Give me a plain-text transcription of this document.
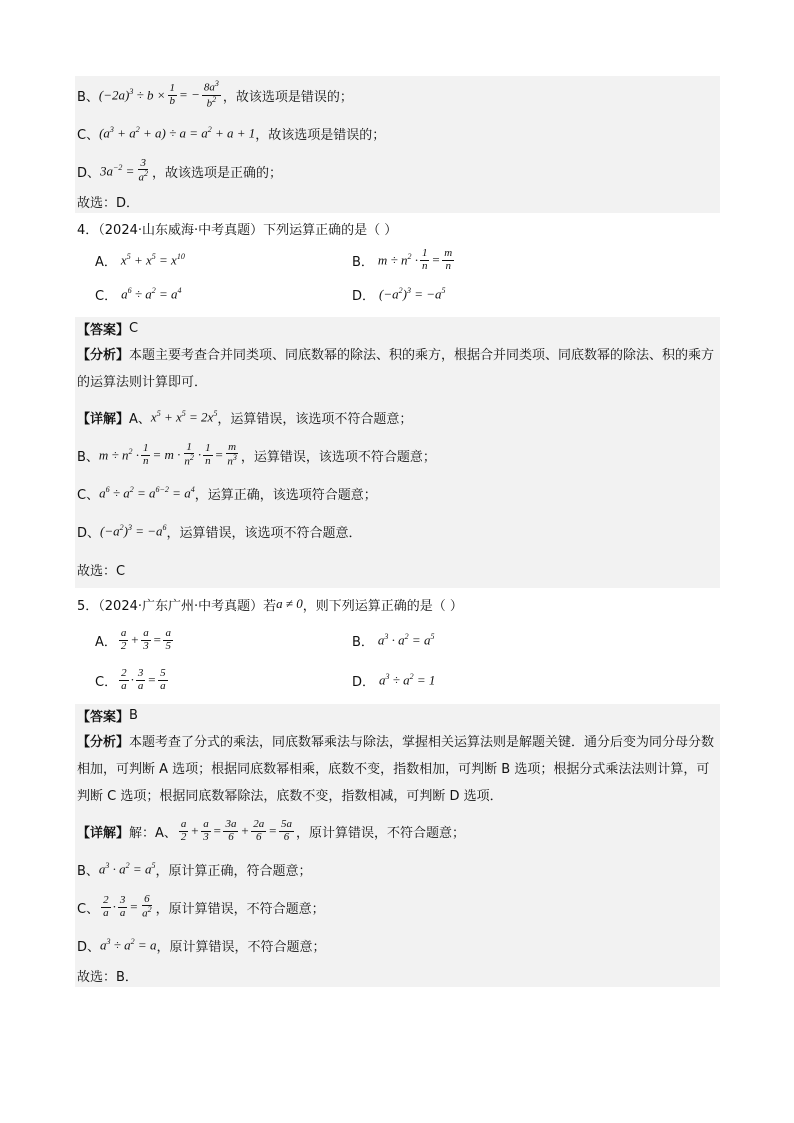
B、 $(-2a)^3 \div b \times \frac{1}{b}$ = − $\frac{8a^3}{b^2}$ ，故该选项是错误的；
C、 $(a^3 + a^2 + a) \div a = a^2 + a + 1$ ，故该选项是错误的；
D、 $3a^{-2} = \frac{3}{a^2}$ ，故该选项是正确的；
故选：D．
4．（2024·山东威海·中考真题）下列运算正确的是（ ）
A． $x^5 + x^5 = x^{10}$	B． $m \div n^2 \cdot \frac{1}{n} = \frac{m}{n}$
C． $a^6 \div a^2 = a^4$	D． $(-a^2)^3 = -a^5$
【答案】 C
【分析】本题主要考查合并同类项、同底数幂的除法、积的乘方，根据合并同类项、同底数幂的除法、积的乘方的运算法则计算即可．
【详解】 A、 $x^5 + x^5 = 2x^5$ ，运算错误，该选项不符合题意；
B、 $m \div n^2 \cdot \frac{1}{n} = m \cdot \frac{1}{n^2} \cdot \frac{1}{n} = \frac{m}{n^3}$ ，运算错误，该选项不符合题意；
C、 $a^6 \div a^2 = a^{6-2} = a^4$ ，运算正确，该选项符合题意；
D、 $(-a^2)^3 = -a^6$ ，运算错误，该选项不符合题意．
故选：C
5．（2024·广东广州·中考真题）若 a ≠ 0 ，则下列运算正确的是（ ）
A． $\frac{a}{2} + \frac{a}{3} = \frac{a}{5}$	B． $a^3 \cdot a^2 = a^5$
C． $\frac{2}{a} \cdot \frac{3}{a} = \frac{5}{a}$	D． $a^3 \div a^2 = 1$
【答案】 B
【分析】本题考查了分式的乘法，同底数幂乘法与除法，掌握相关运算法则是解题关键．通分后变为同分母分数相加，可判断 A 选项；根据同底数幂相乘，底数不变，指数相加，可判断 B 选项；根据分式乘法法则计算，可判断 C 选项；根据同底数幂除法，底数不变，指数相减，可判断 D 选项．
【详解】 解：A、 $\frac{a}{2} + \frac{a}{3} = \frac{3a}{6} + \frac{2a}{6} = \frac{5a}{6}$ ，原计算错误，不符合题意；
B、 $a^3 \cdot a^2 = a^5$ ，原计算正确，符合题意；
C、 $\frac{2}{a} \cdot \frac{3}{a} = \frac{6}{a^2}$ ，原计算错误，不符合题意；
D、 $a^3 \div a^2 = a$ ，原计算错误，不符合题意；
故选：B．
